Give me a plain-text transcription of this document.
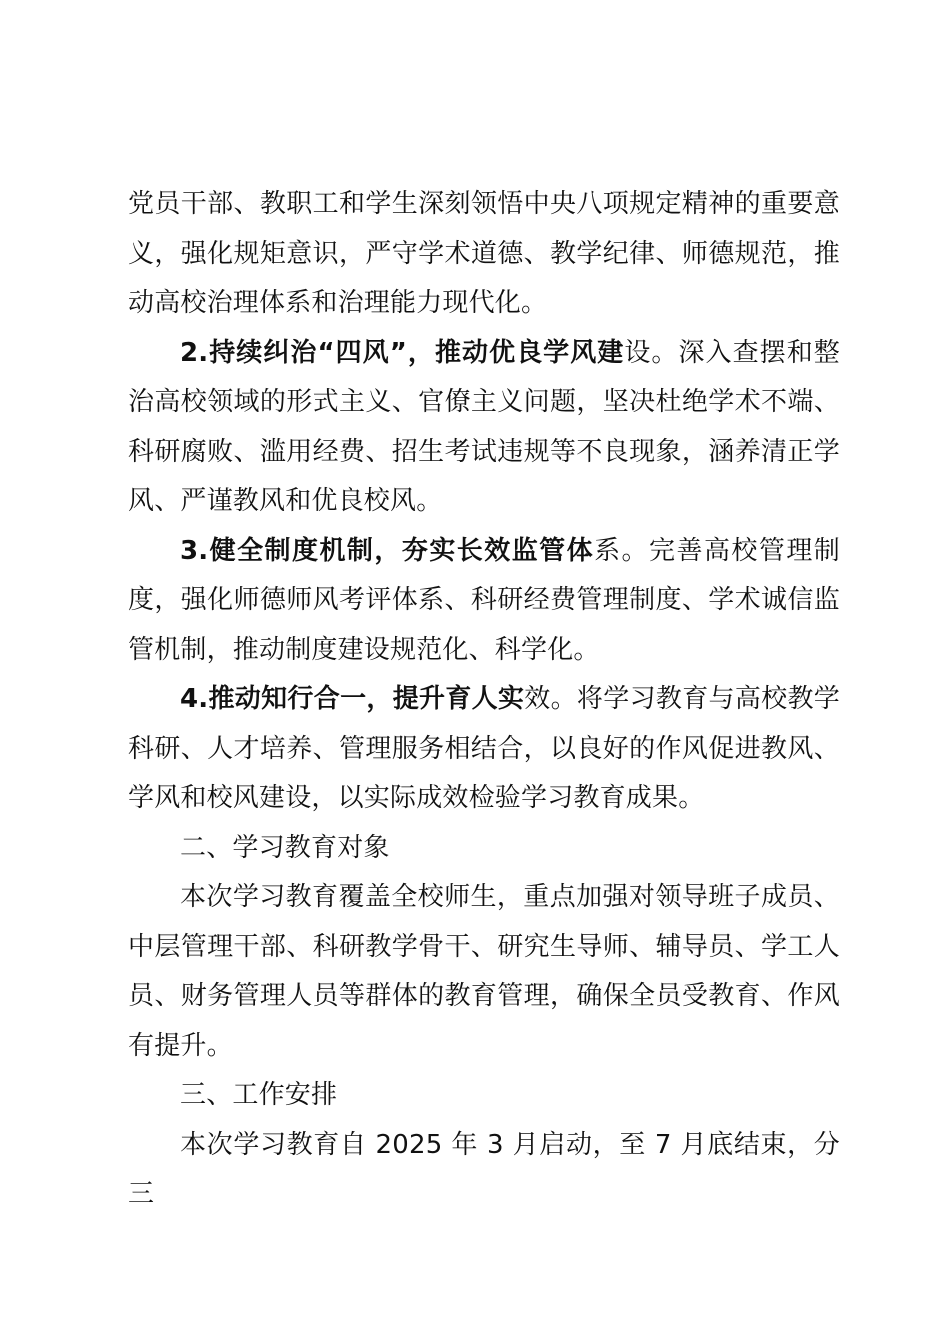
党员干部、教职工和学生深刻领悟中央八项规定精神的重要意义，强化规矩意识，严守学术道德、教学纪律、师德规范，推动高校治理体系和治理能力现代化。

2.持续纠治“四风”，推动优良学风建设。深入查摆和整治高校领域的形式主义、官僚主义问题，坚决杜绝学术不端、科研腐败、滥用经费、招生考试违规等不良现象，涵养清正学风、严谨教风和优良校风。

3.健全制度机制，夯实长效监管体系。完善高校管理制度，强化师德师风考评体系、科研经费管理制度、学术诚信监管机制，推动制度建设规范化、科学化。

4.推动知行合一，提升育人实效。将学习教育与高校教学科研、人才培养、管理服务相结合，以良好的作风促进教风、学风和校风建设，以实际成效检验学习教育成果。

二、学习教育对象

本次学习教育覆盖全校师生，重点加强对领导班子成员、中层管理干部、科研教学骨干、研究生导师、辅导员、学工人员、财务管理人员等群体的教育管理，确保全员受教育、作风有提升。

三、工作安排

本次学习教育自 2025 年 3 月启动，至 7 月底结束，分三
